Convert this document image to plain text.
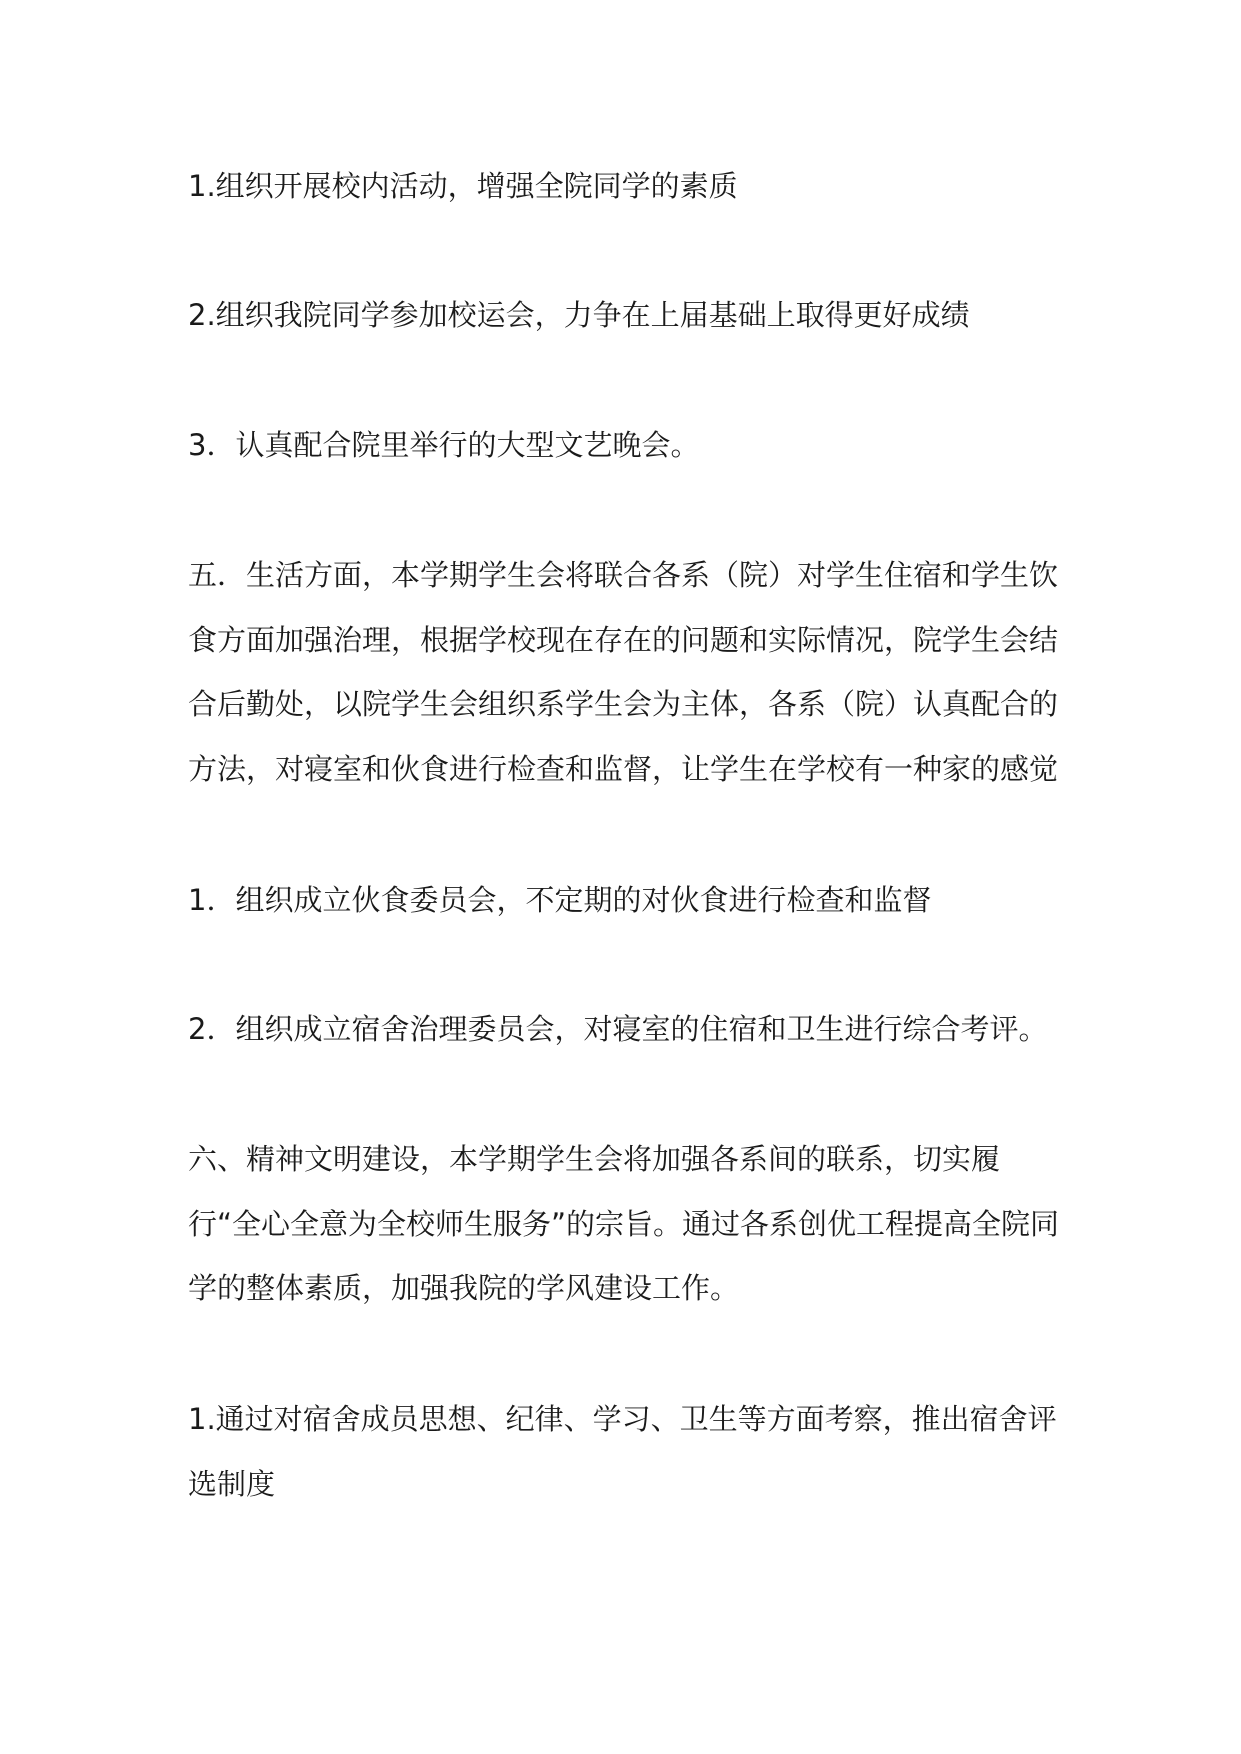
1.组织开展校内活动，增强全院同学的素质

2.组织我院同学参加校运会，力争在上届基础上取得更好成绩

3．认真配合院里举行的大型文艺晚会。

五．生活方面，本学期学生会将联合各系（院）对学生住宿和学生饮食方面加强治理，根据学校现在存在的问题和实际情况，院学生会结合后勤处，以院学生会组织系学生会为主体，各系（院）认真配合的方法，对寝室和伙食进行检查和监督，让学生在学校有一种家的感觉

1．组织成立伙食委员会，不定期的对伙食进行检查和监督

2．组织成立宿舍治理委员会，对寝室的住宿和卫生进行综合考评。

六、精神文明建设，本学期学生会将加强各系间的联系，切实履行“全心全意为全校师生服务”的宗旨。通过各系创优工程提高全院同学的整体素质，加强我院的学风建设工作。

1.通过对宿舍成员思想、纪律、学习、卫生等方面考察，推出宿舍评选制度
